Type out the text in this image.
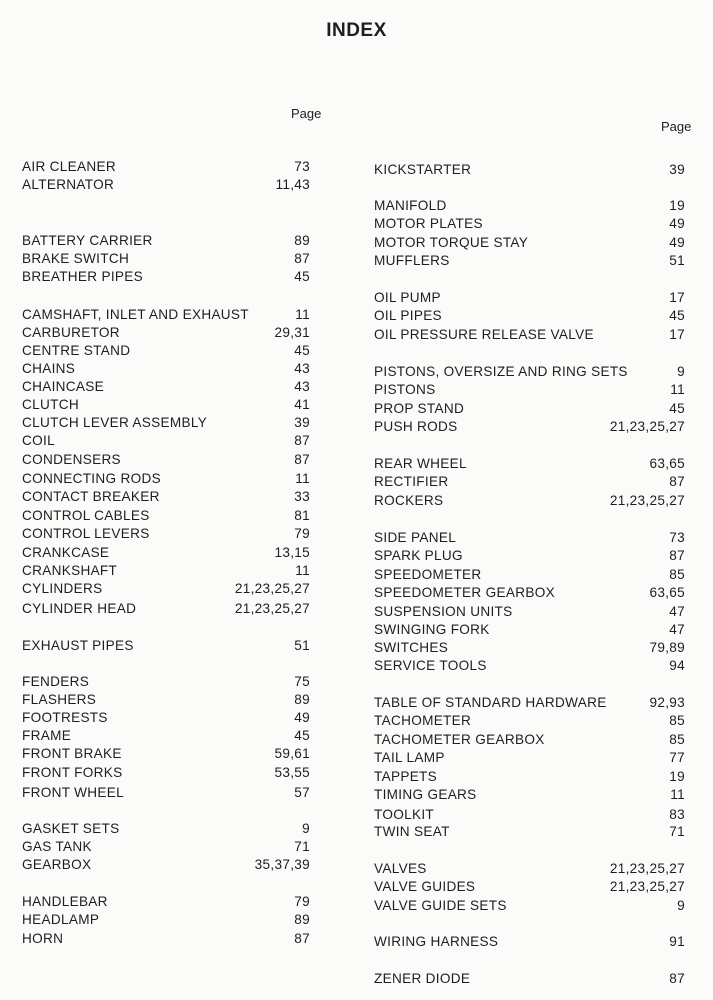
INDEX
Page
Page
AIR CLEANER	73
ALTERNATOR	11,43
BATTERY CARRIER	89
BRAKE SWITCH	87
BREATHER PIPES	45
CAMSHAFT, INLET AND EXHAUST	11
CARBURETOR	29,31
CENTRE STAND	45
CHAINS	43
CHAINCASE	43
CLUTCH	41
CLUTCH LEVER ASSEMBLY	39
COIL	87
CONDENSERS	87
CONNECTING RODS	11
CONTACT BREAKER	33
CONTROL CABLES	81
CONTROL LEVERS	79
CRANKCASE	13,15
CRANKSHAFT	11
CYLINDERS	21,23,25,27
CYLINDER HEAD	21,23,25,27
EXHAUST PIPES	51
FENDERS	75
FLASHERS	89
FOOTRESTS	49
FRAME	45
FRONT BRAKE	59,61
FRONT FORKS	53,55
FRONT WHEEL	57
GASKET SETS	9
GAS TANK	71
GEARBOX	35,37,39
HANDLEBAR	79
HEADLAMP	89
HORN	87
KICKSTARTER	39
MANIFOLD	19
MOTOR PLATES	49
MOTOR TORQUE STAY	49
MUFFLERS	51
OIL PUMP	17
OIL PIPES	45
OIL PRESSURE RELEASE VALVE	17
PISTONS, OVERSIZE AND RING SETS	9
PISTONS	11
PROP STAND	45
PUSH RODS	21,23,25,27
REAR WHEEL	63,65
RECTIFIER	87
ROCKERS	21,23,25,27
SIDE PANEL	73
SPARK PLUG	87
SPEEDOMETER	85
SPEEDOMETER GEARBOX	63,65
SUSPENSION UNITS	47
SWINGING FORK	47
SWITCHES	79,89
SERVICE TOOLS	94
TABLE OF STANDARD HARDWARE	92,93
TACHOMETER	85
TACHOMETER GEARBOX	85
TAIL LAMP	77
TAPPETS	19
TIMING GEARS	11
TOOLKIT	83
TWIN SEAT	71
VALVES	21,23,25,27
VALVE GUIDES	21,23,25,27
VALVE GUIDE SETS	9
WIRING HARNESS	91
ZENER DIODE	87
